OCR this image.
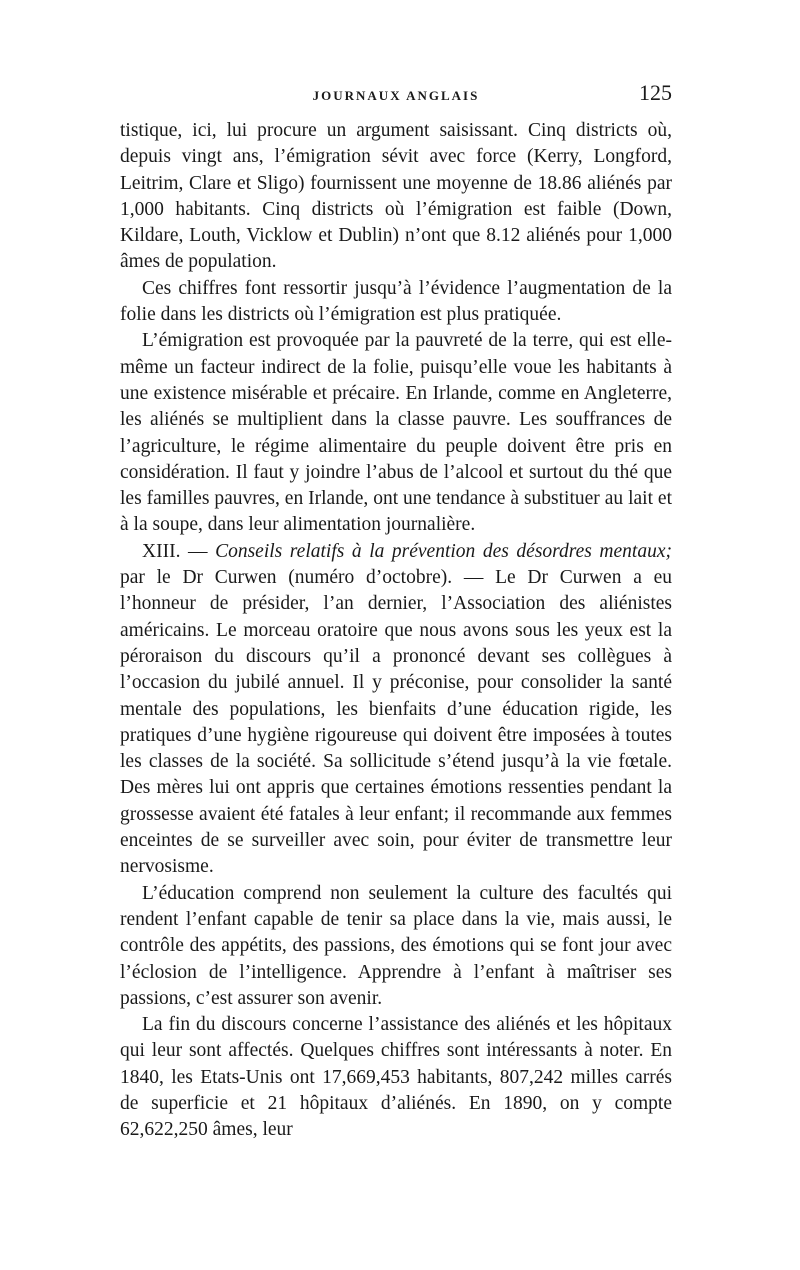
JOURNAUX ANGLAIS	125

tistique, ici, lui procure un argument saisissant. Cinq districts où, depuis vingt ans, l’émigration sévit avec force (Kerry, Longford, Leitrim, Clare et Sligo) fournissent une moyenne de 18.86 aliénés par 1,000 habitants. Cinq districts où l’émigration est faible (Down, Kildare, Louth, Vicklow et Dublin) n’ont que 8.12 aliénés pour 1,000 âmes de population.

Ces chiffres font ressortir jusqu’à l’évidence l’augmentation de la folie dans les districts où l’émigration est plus pratiquée.

L’émigration est provoquée par la pauvreté de la terre, qui est elle-même un facteur indirect de la folie, puisqu’elle voue les habitants à une existence misérable et précaire. En Irlande, comme en Angleterre, les aliénés se multiplient dans la classe pauvre. Les souffrances de l’agriculture, le régime alimentaire du peuple doivent être pris en considération. Il faut y joindre l’abus de l’alcool et surtout du thé que les familles pauvres, en Irlande, ont une tendance à substituer au lait et à la soupe, dans leur alimentation journalière.

XIII. — Conseils relatifs à la prévention des désordres mentaux; par le Dr Curwen (numéro d’octobre). — Le Dr Curwen a eu l’honneur de présider, l’an dernier, l’Association des aliénistes américains. Le morceau oratoire que nous avons sous les yeux est la péroraison du discours qu’il a prononcé devant ses collègues à l’occasion du jubilé annuel. Il y préconise, pour consolider la santé mentale des populations, les bienfaits d’une éducation rigide, les pratiques d’une hygiène rigoureuse qui doivent être imposées à toutes les classes de la société. Sa sollicitude s’étend jusqu’à la vie fœtale. Des mères lui ont appris que certaines émotions ressenties pendant la grossesse avaient été fatales à leur enfant; il recommande aux femmes enceintes de se surveiller avec soin, pour éviter de transmettre leur nervosisme.

L’éducation comprend non seulement la culture des facultés qui rendent l’enfant capable de tenir sa place dans la vie, mais aussi, le contrôle des appétits, des passions, des émotions qui se font jour avec l’éclosion de l’intelligence. Apprendre à l’enfant à maîtriser ses passions, c’est assurer son avenir.

La fin du discours concerne l’assistance des aliénés et les hôpitaux qui leur sont affectés. Quelques chiffres sont intéressants à noter. En 1840, les Etats-Unis ont 17,669,453 habitants, 807,242 milles carrés de superficie et 21 hôpitaux d’aliénés. En 1890, on y compte 62,622,250 âmes, leur
